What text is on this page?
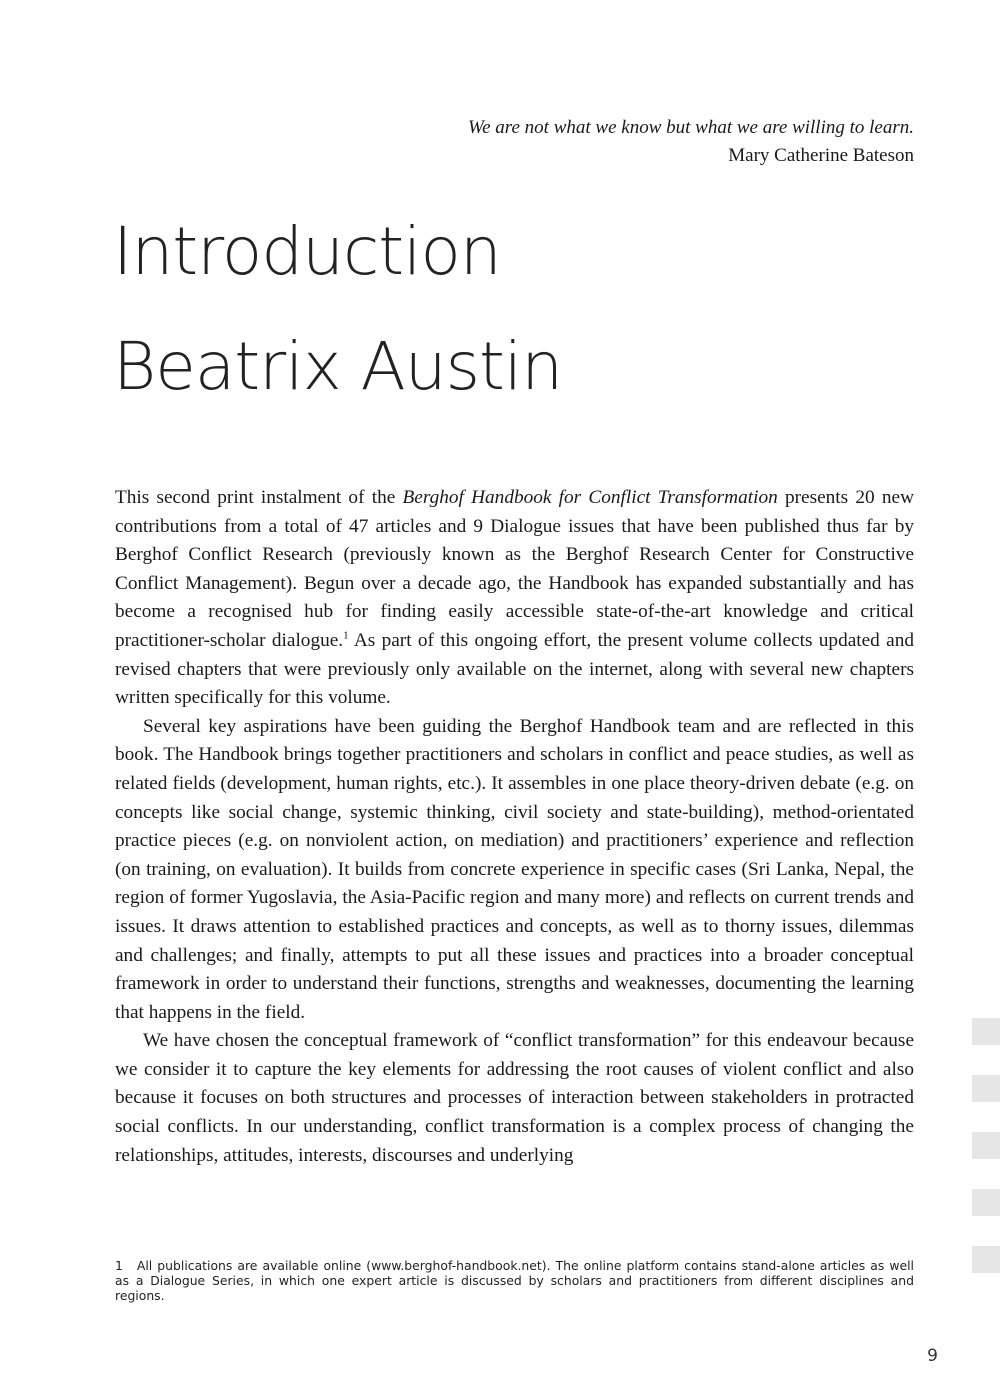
We are not what we know but what we are willing to learn.
Mary Catherine Bateson
Introduction
Beatrix Austin

This second print instalment of the Berghof Handbook for Conflict Transformation presents 20 new contributions from a total of 47 articles and 9 Dialogue issues that have been published thus far by Berghof Conflict Research (previously known as the Berghof Research Center for Constructive Conflict Management). Begun over a decade ago, the Handbook has expanded substantially and has become a recognised hub for finding easily accessible state-of-the-art knowledge and critical practitioner-scholar dialogue.$^1$ As part of this ongoing effort, the present volume collects updated and revised chapters that were previously only available on the internet, along with several new chapters written specifically for this volume.

Several key aspirations have been guiding the Berghof Handbook team and are reflected in this book. The Handbook brings together practitioners and scholars in conflict and peace studies, as well as related fields (development, human rights, etc.). It assembles in one place theory-driven debate (e.g. on concepts like social change, systemic thinking, civil society and state-building), method-orientated practice pieces (e.g. on nonviolent action, on mediation) and practitioners’ experience and reflection (on training, on evaluation). It builds from concrete experience in specific cases (Sri Lanka, Nepal, the region of former Yugoslavia, the Asia-Pacific region and many more) and reflects on current trends and issues. It draws attention to established practices and concepts, as well as to thorny issues, dilemmas and challenges; and finally, attempts to put all these issues and practices into a broader conceptual framework in order to understand their functions, strengths and weaknesses, documenting the learning that happens in the field.

We have chosen the conceptual framework of “conflict transformation” for this endeavour because we consider it to capture the key elements for addressing the root causes of violent conflict and also because it focuses on both structures and processes of interaction between stakeholders in protracted social conflicts. In our understanding, conflict transformation is a complex process of changing the relationships, attitudes, interests, discourses and underlying

1 All publications are available online (www.berghof-handbook.net). The online platform contains stand-alone articles as well as a Dialogue Series, in which one expert article is discussed by scholars and practitioners from different disciplines and regions.
9
